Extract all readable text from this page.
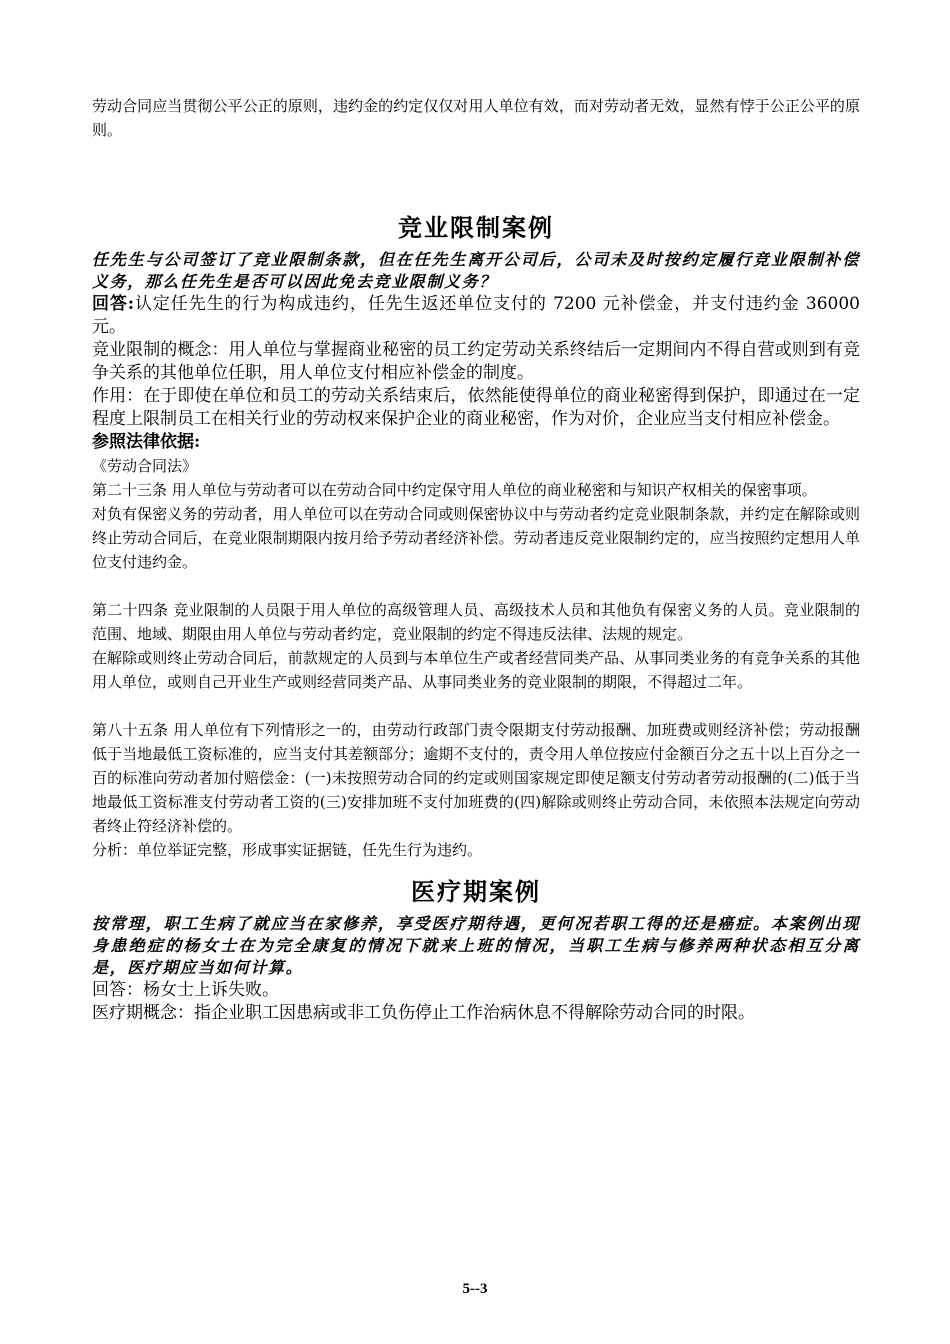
劳动合同应当贯彻公平公正的原则，违约金的约定仅仅对用人单位有效，而对劳动者无效，显然有悖于公正公平的原则。

竞业限制案例

任先生与公司签订了竞业限制条款，但在任先生离开公司后，公司未及时按约定履行竞业限制补偿义务，那么任先生是否可以因此免去竞业限制义务？

回答:认定任先生的行为构成违约，任先生返还单位支付的 7200 元补偿金，并支付违约金 36000 元。

竞业限制的概念：用人单位与掌握商业秘密的员工约定劳动关系终结后一定期间内不得自营或则到有竞争关系的其他单位任职，用人单位支付相应补偿金的制度。

作用：在于即使在单位和员工的劳动关系结束后，依然能使得单位的商业秘密得到保护，即通过在一定程度上限制员工在相关行业的劳动权来保护企业的商业秘密，作为对价，企业应当支付相应补偿金。

参照法律依据:

《劳动合同法》

第二十三条 用人单位与劳动者可以在劳动合同中约定保守用人单位的商业秘密和与知识产权相关的保密事项。

对负有保密义务的劳动者，用人单位可以在劳动合同或则保密协议中与劳动者约定竞业限制条款，并约定在解除或则终止劳动合同后，在竞业限制期限内按月给予劳动者经济补偿。劳动者违反竞业限制约定的，应当按照约定想用人单位支付违约金。

第二十四条 竞业限制的人员限于用人单位的高级管理人员、高级技术人员和其他负有保密义务的人员。竞业限制的范围、地域、期限由用人单位与劳动者约定，竞业限制的约定不得违反法律、法规的规定。

在解除或则终止劳动合同后，前款规定的人员到与本单位生产或者经营同类产品、从事同类业务的有竞争关系的其他用人单位，或则自己开业生产或则经营同类产品、从事同类业务的竞业限制的期限，不得超过二年。

第八十五条 用人单位有下列情形之一的，由劳动行政部门责令限期支付劳动报酬、加班费或则经济补偿；劳动报酬低于当地最低工资标准的，应当支付其差额部分；逾期不支付的，责令用人单位按应付金额百分之五十以上百分之一百的标准向劳动者加付赔偿金：(一)未按照劳动合同的约定或则国家规定即使足额支付劳动者劳动报酬的(二)低于当地最低工资标准支付劳动者工资的(三)安排加班不支付加班费的(四)解除或则终止劳动合同，未依照本法规定向劳动者终止符经济补偿的。

分析：单位举证完整，形成事实证据链，任先生行为违约。

医疗期案例

按常理，职工生病了就应当在家修养，享受医疗期待遇，更何况若职工得的还是癌症。本案例出现身患绝症的杨女士在为完全康复的情况下就来上班的情况，当职工生病与修养两种状态相互分离是，医疗期应当如何计算。

回答：杨女士上诉失败。

医疗期概念：指企业职工因患病或非工负伤停止工作治病休息不得解除劳动合同的时限。

5--3
